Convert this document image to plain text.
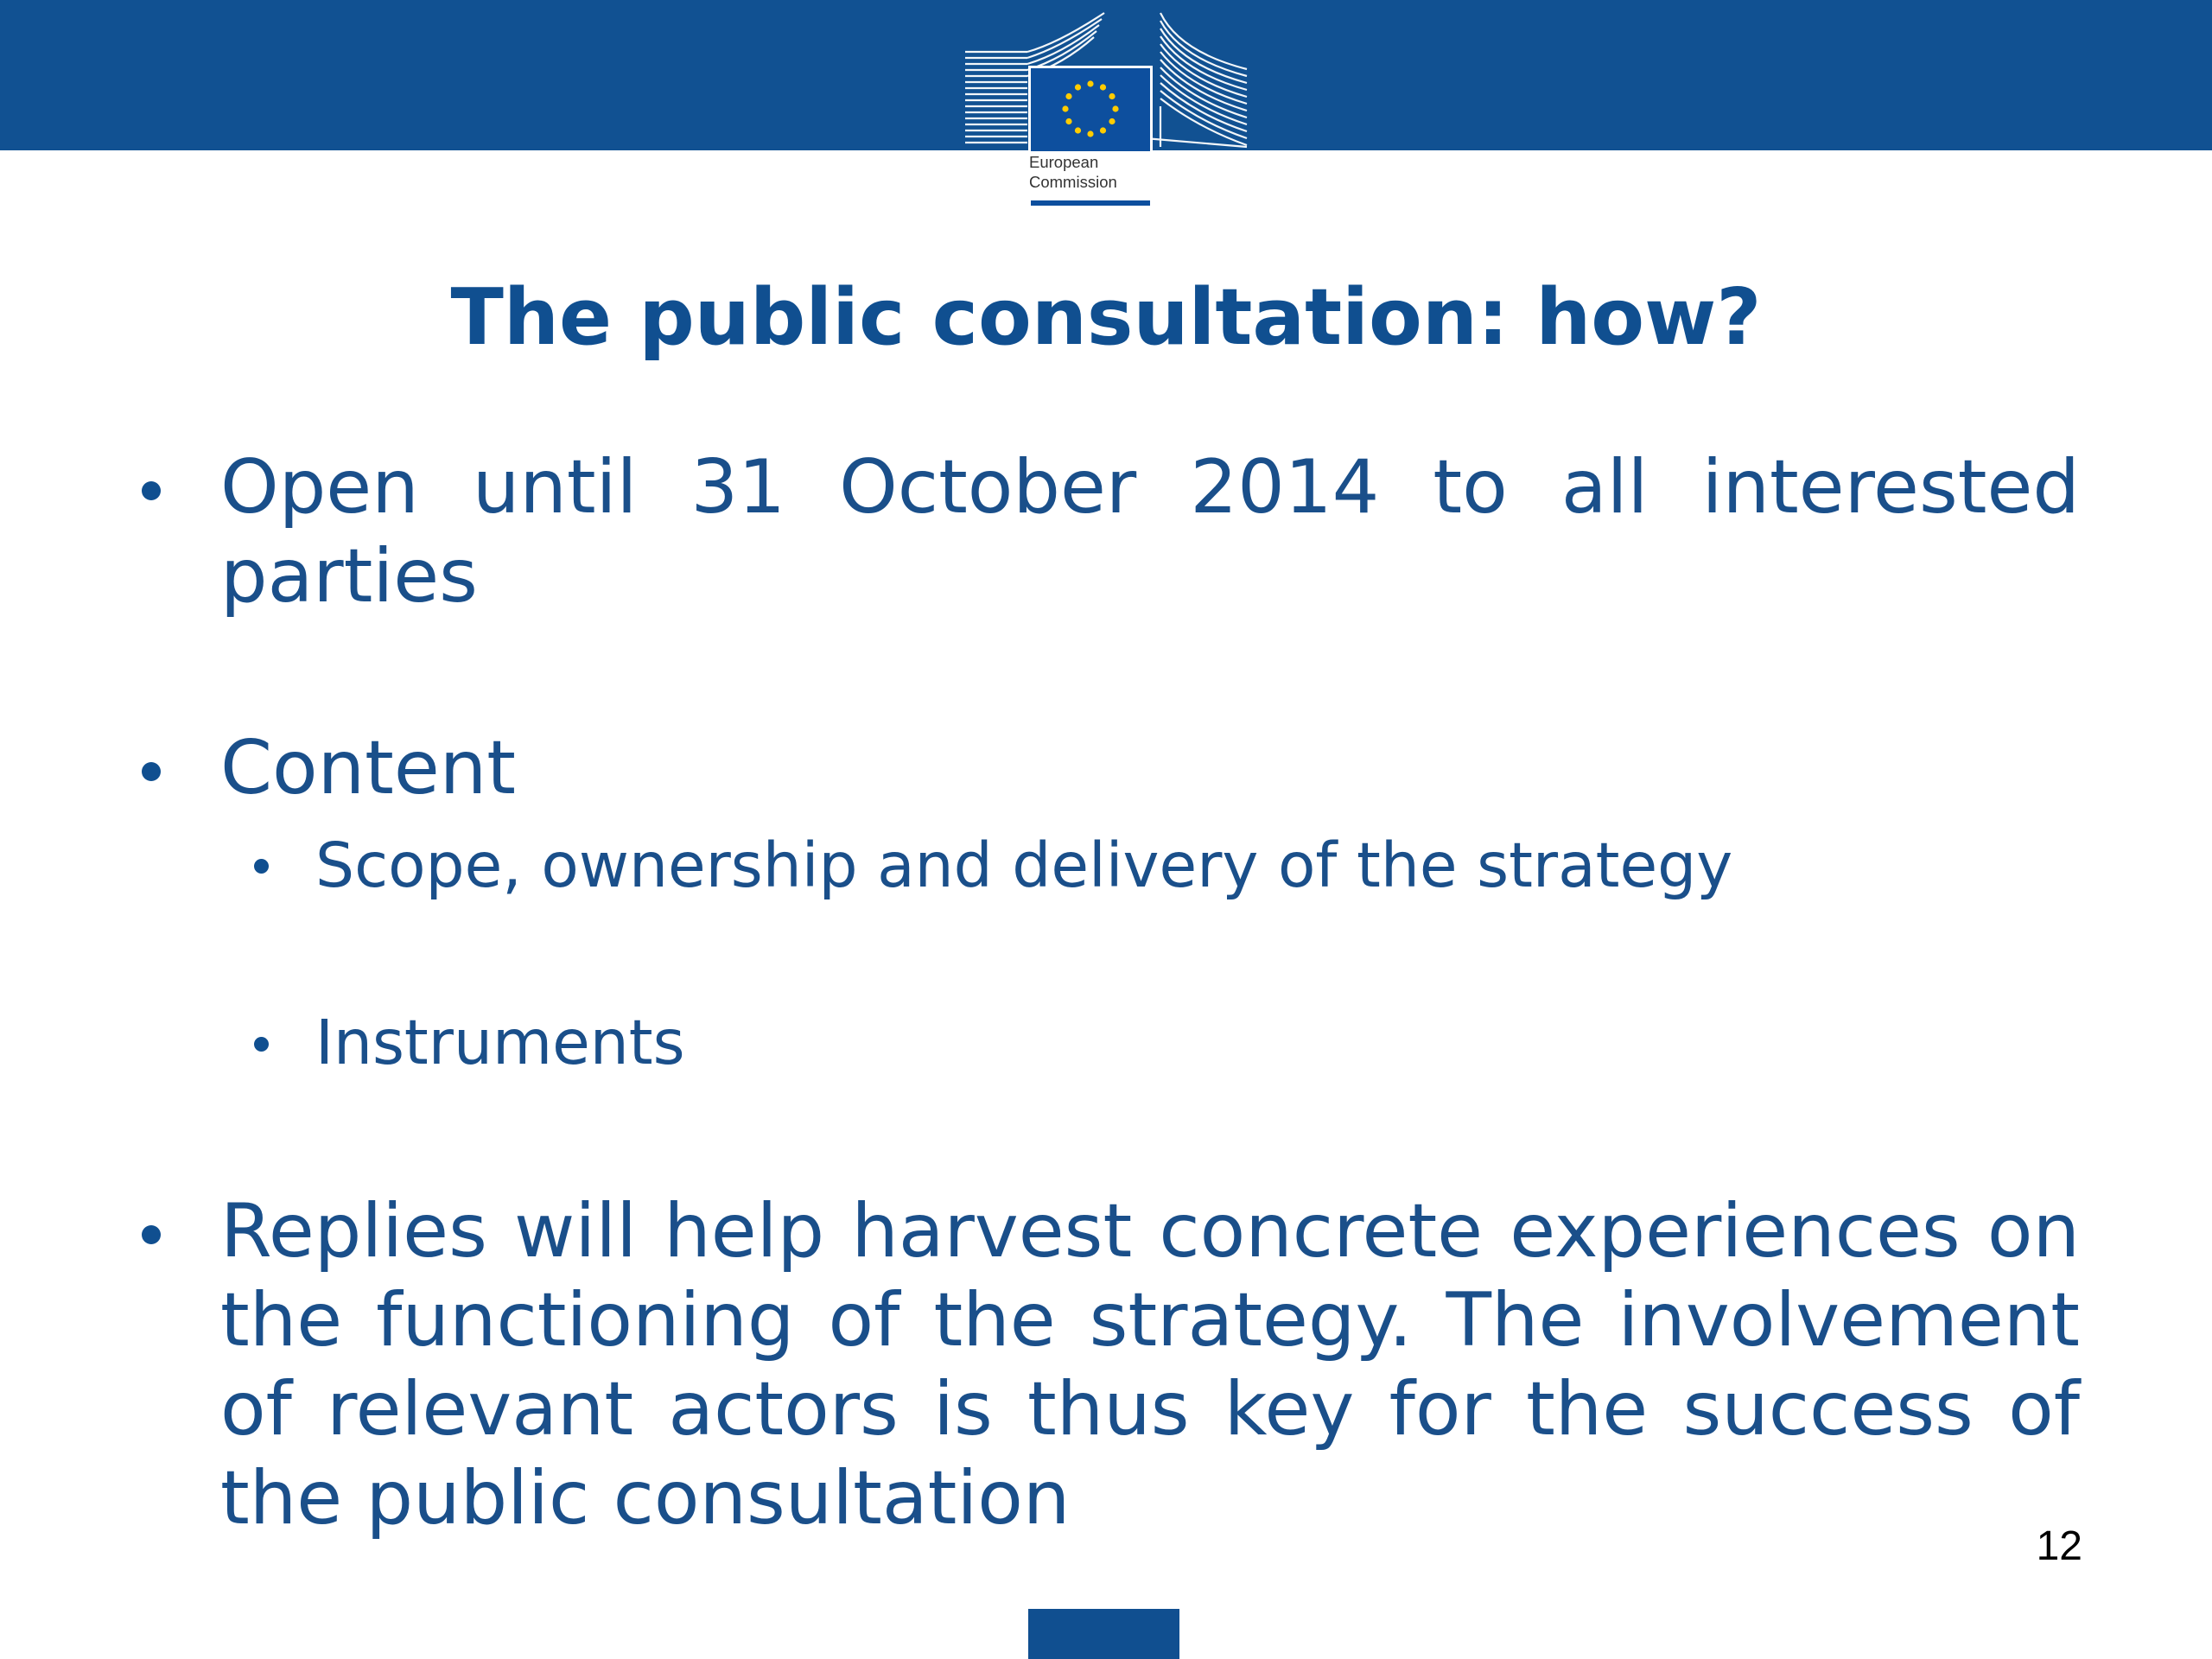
European
Commission
The public consultation: how?
Open until 31 October 2014 to all interested parties
Content
Scope, ownership and delivery of the strategy
Instruments
Replies will help harvest concrete experiences on the functioning of the strategy. The involvement of relevant actors is thus key for the success of the public consultation
12
